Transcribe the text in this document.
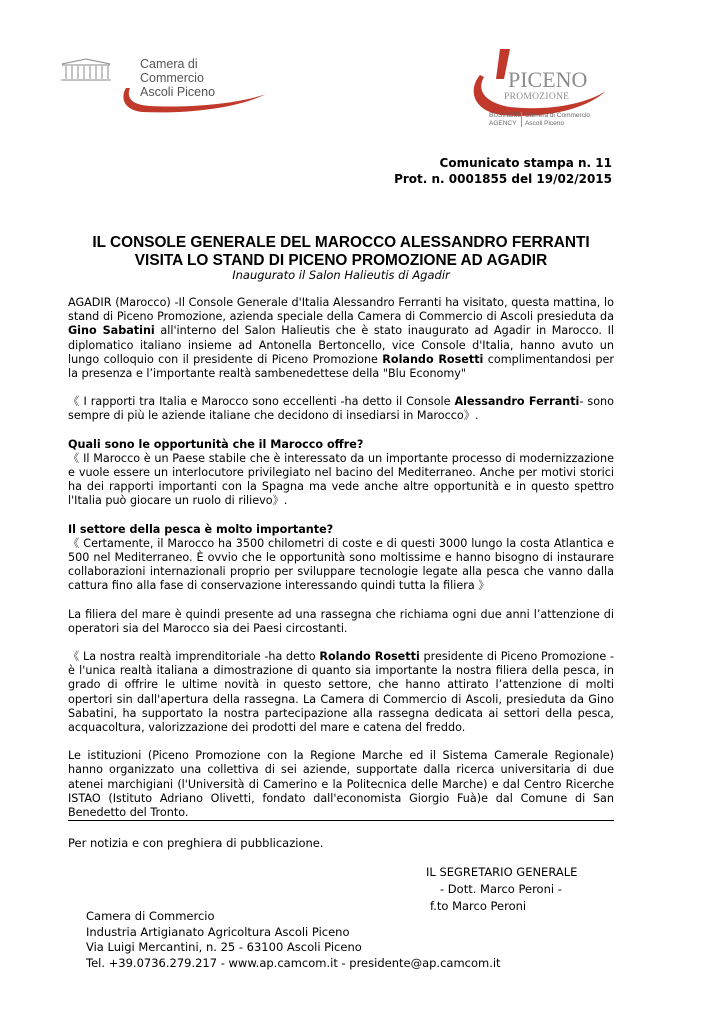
Camera di Commercio
Ascoli Piceno	PICENO
PROMOZIONE
BUSINESS
AGENCY
Camera di Commercio
Ascoli Piceno
Comunicato stampa n. 11
Prot. n. 0001855 del 19/02/2015
IL CONSOLE GENERALE DEL MAROCCO ALESSANDRO FERRANTI
VISITA LO STAND DI PICENO PROMOZIONE AD AGADIR
Inaugurato il Salon Halieutis di Agadir

AGADIR (Marocco) -Il Console Generale d'Italia Alessandro Ferranti ha visitato, questa mattina, lo stand di Piceno Promozione, azienda speciale della Camera di Commercio di Ascoli presieduta da Gino Sabatini all'interno del Salon Halieutis che è stato inaugurato ad Agadir in Marocco. Il diplomatico italiano insieme ad Antonella Bertoncello, vice Console d'Italia, hanno avuto un lungo colloquio con il presidente di Piceno Promozione Rolando Rosetti complimentandosi per la presenza e l’importante realtà sambenedettese della "Blu Economy"

《 I rapporti tra Italia e Marocco sono eccellenti -ha detto il Console Alessandro Ferranti- sono sempre di più le aziende italiane che decidono di insediarsi in Marocco》.

Quali sono le opportunità che il Marocco offre?

《 Il Marocco è un Paese stabile che è interessato da un importante processo di modernizzazione e vuole essere un interlocutore privilegiato nel bacino del Mediterraneo. Anche per motivi storici ha dei rapporti importanti con la Spagna ma vede anche altre opportunità e in questo spettro l'Italia può giocare un ruolo di rilievo》.

Il settore della pesca è molto importante?

《 Certamente, il Marocco ha 3500 chilometri di coste e di questi 3000 lungo la costa Atlantica e 500 nel Mediterraneo. È ovvio che le opportunità sono moltissime e hanno bisogno di instaurare collaborazioni internazionali proprio per sviluppare tecnologie legate alla pesca che vanno dalla cattura fino alla fase di conservazione interessando quindi tutta la filiera 》

La filiera del mare è quindi presente ad una rassegna che richiama ogni due anni l’attenzione di operatori sia del Marocco sia dei Paesi circostanti.

《 La nostra realtà imprenditoriale -ha detto Rolando Rosetti presidente di Piceno Promozione - è l'unica realtà italiana a dimostrazione di quanto sia importante la nostra filiera della pesca, in grado di offrire le ultime novità in questo settore, che hanno attirato l’attenzione di molti opertori sin dall'apertura della rassegna. La Camera di Commercio di Ascoli, presieduta da Gino Sabatini, ha supportato la nostra partecipazione alla rassegna dedicata ai settori della pesca, acquacoltura, valorizzazione dei prodotti del mare e catena del freddo.

Le istituzioni (Piceno Promozione con la Regione Marche ed il Sistema Camerale Regionale) hanno organizzato una collettiva di sei aziende, supportate dalla ricerca universitaria di due atenei marchigiani (l'Università di Camerino e la Politecnica delle Marche) e dal Centro Ricerche ISTAO (Istituto Adriano Olivetti, fondato dall'economista Giorgio Fuà)e dal Comune di San Benedetto del Tronto.

Per notizia e con preghiera di pubblicazione.
IL SEGRETARIO GENERALE
- Dott. Marco Peroni -
f.to Marco Peroni
Camera di Commercio
Industria Artigianato Agricoltura Ascoli Piceno
Via Luigi Mercantini, n. 25 - 63100 Ascoli Piceno
Tel. +39.0736.279.217 - www.ap.camcom.it - presidente@ap.camcom.it
